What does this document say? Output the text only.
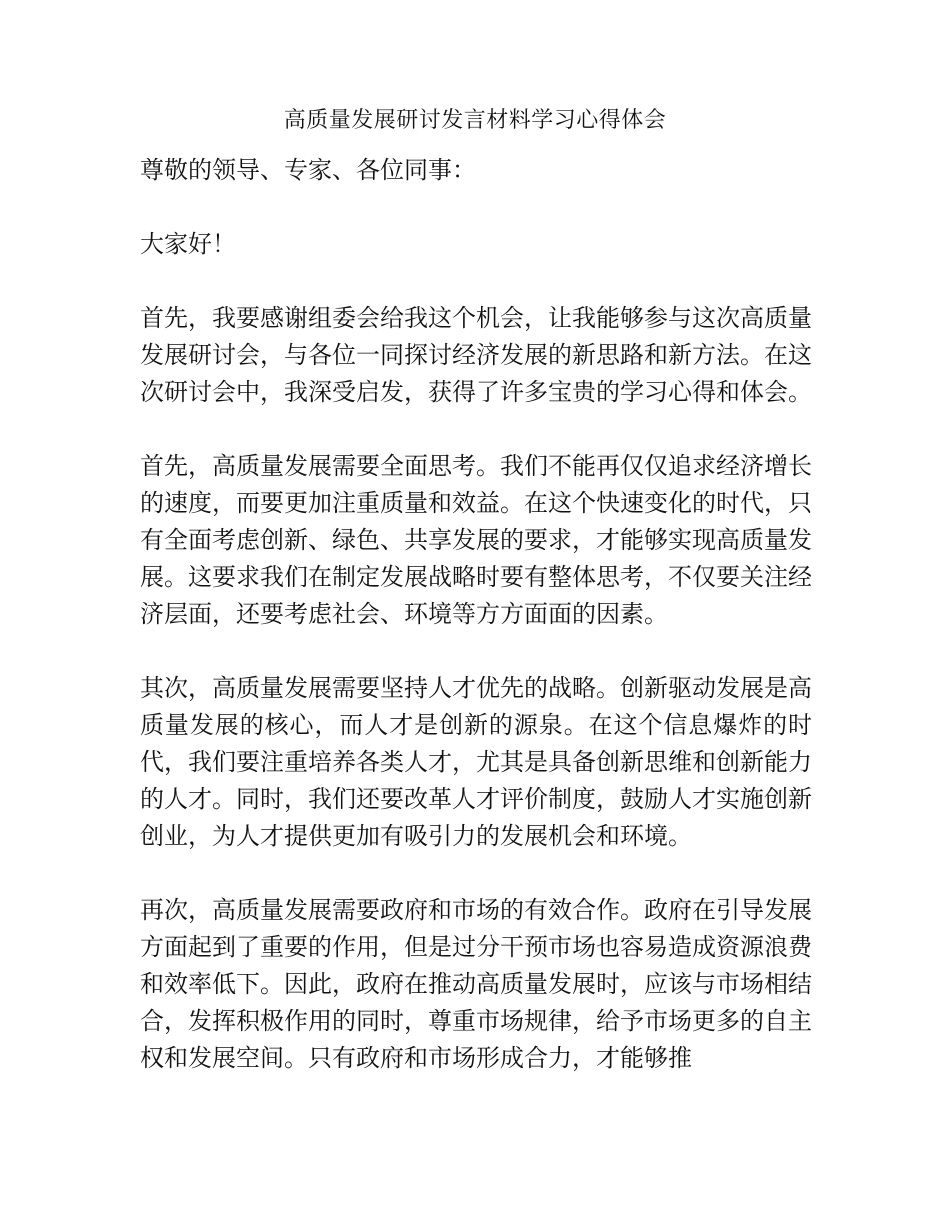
高质量发展研讨发言材料学习心得体会

尊敬的领导、专家、各位同事：

大家好！

首先，我要感谢组委会给我这个机会，让我能够参与这次高质量发展研讨会，与各位一同探讨经济发展的新思路和新方法。在这次研讨会中，我深受启发，获得了许多宝贵的学习心得和体会。

首先，高质量发展需要全面思考。我们不能再仅仅追求经济增长的速度，而要更加注重质量和效益。在这个快速变化的时代，只有全面考虑创新、绿色、共享发展的要求，才能够实现高质量发展。这要求我们在制定发展战略时要有整体思考，不仅要关注经济层面，还要考虑社会、环境等方方面面的因素。

其次，高质量发展需要坚持人才优先的战略。创新驱动发展是高质量发展的核心，而人才是创新的源泉。在这个信息爆炸的时代，我们要注重培养各类人才，尤其是具备创新思维和创新能力的人才。同时，我们还要改革人才评价制度，鼓励人才实施创新创业，为人才提供更加有吸引力的发展机会和环境。

再次，高质量发展需要政府和市场的有效合作。政府在引导发展方面起到了重要的作用，但是过分干预市场也容易造成资源浪费和效率低下。因此，政府在推动高质量发展时，应该与市场相结合，发挥积极作用的同时，尊重市场规律，给予市场更多的自主权和发展空间。只有政府和市场形成合力，才能够推
